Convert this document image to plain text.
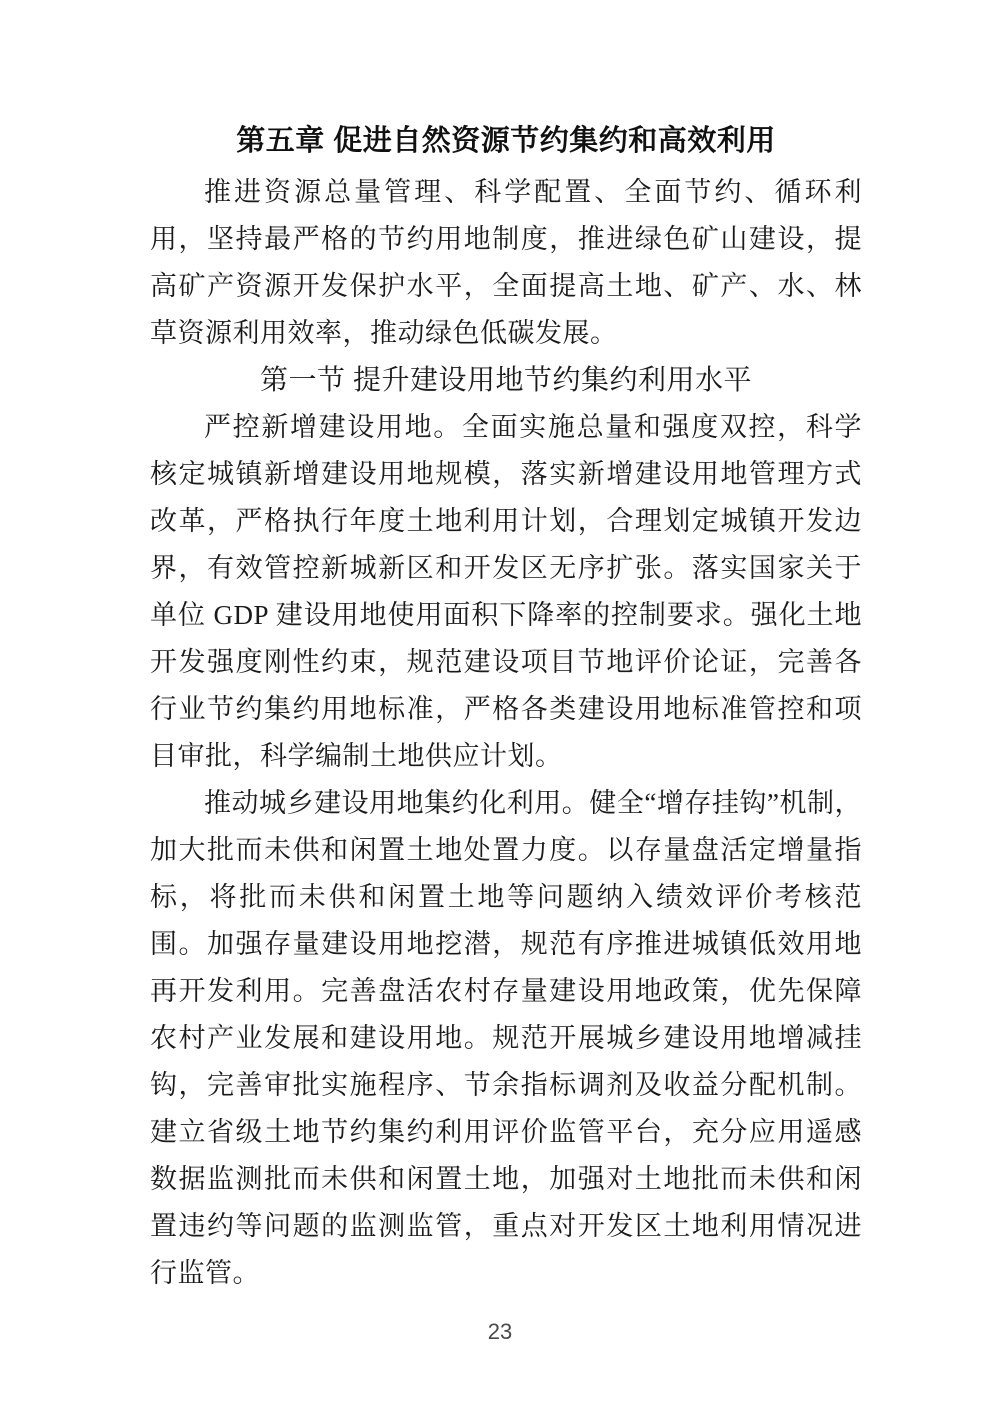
第五章 促进自然资源节约集约和高效利用

推进资源总量管理、科学配置、全面节约、循环利用，坚持最严格的节约用地制度，推进绿色矿山建设，提高矿产资源开发保护水平，全面提高土地、矿产、水、林草资源利用效率，推动绿色低碳发展。

第一节 提升建设用地节约集约利用水平

严控新增建设用地。全面实施总量和强度双控，科学核定城镇新增建设用地规模，落实新增建设用地管理方式改革，严格执行年度土地利用计划，合理划定城镇开发边界，有效管控新城新区和开发区无序扩张。落实国家关于单位 GDP 建设用地使用面积下降率的控制要求。强化土地开发强度刚性约束，规范建设项目节地评价论证，完善各行业节约集约用地标准，严格各类建设用地标准管控和项目审批，科学编制土地供应计划。

推动城乡建设用地集约化利用。健全“增存挂钩”机制，加大批而未供和闲置土地处置力度。以存量盘活定增量指标，将批而未供和闲置土地等问题纳入绩效评价考核范围。加强存量建设用地挖潜，规范有序推进城镇低效用地再开发利用。完善盘活农村存量建设用地政策，优先保障农村产业发展和建设用地。规范开展城乡建设用地增减挂钩，完善审批实施程序、节余指标调剂及收益分配机制。建立省级土地节约集约利用评价监管平台，充分应用遥感数据监测批而未供和闲置土地，加强对土地批而未供和闲置违约等问题的监测监管，重点对开发区土地利用情况进行监管。

23
